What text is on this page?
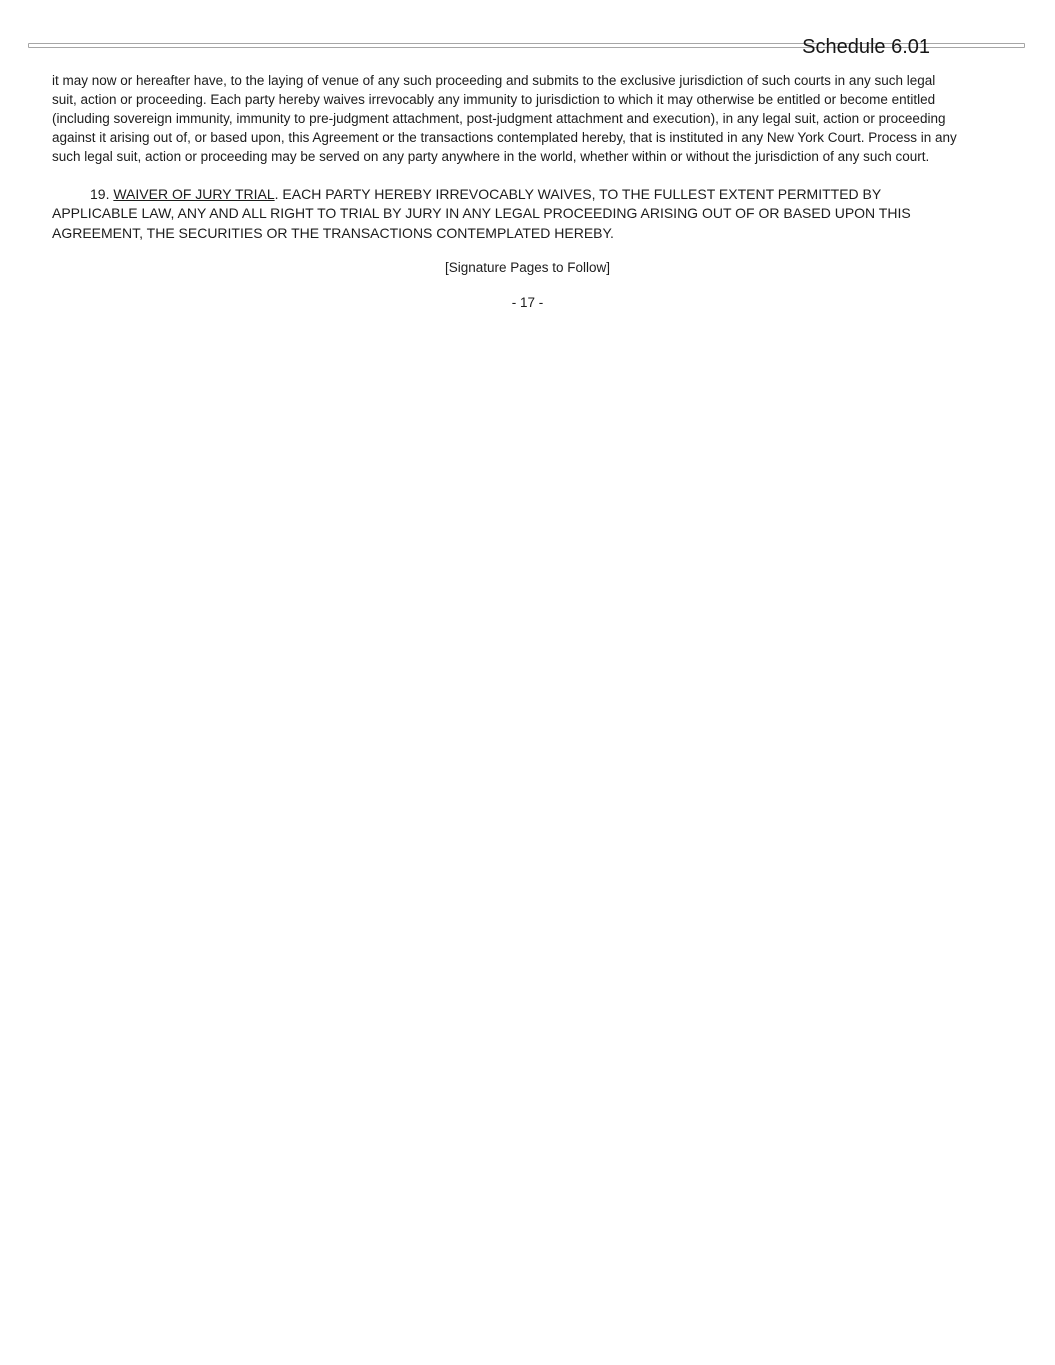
Schedule 6.01
it may now or hereafter have, to the laying of venue of any such proceeding and submits to the exclusive jurisdiction of such courts in any such legal
suit, action or proceeding. Each party hereby waives irrevocably any immunity to jurisdiction to which it may otherwise be entitled or become entitled
(including sovereign immunity, immunity to pre-judgment attachment, post-judgment attachment and execution), in any legal suit, action or proceeding
against it arising out of, or based upon, this Agreement or the transactions contemplated hereby, that is instituted in any New York Court. Process in any
such legal suit, action or proceeding may be served on any party anywhere in the world, whether within or without the jurisdiction of any such court.
19. WAIVER OF JURY TRIAL. EACH PARTY HEREBY IRREVOCABLY WAIVES, TO THE FULLEST EXTENT PERMITTED BY
APPLICABLE LAW, ANY AND ALL RIGHT TO TRIAL BY JURY IN ANY LEGAL PROCEEDING ARISING OUT OF OR BASED UPON THIS
AGREEMENT, THE SECURITIES OR THE TRANSACTIONS CONTEMPLATED HEREBY.
[Signature Pages to Follow]
- 17 -
